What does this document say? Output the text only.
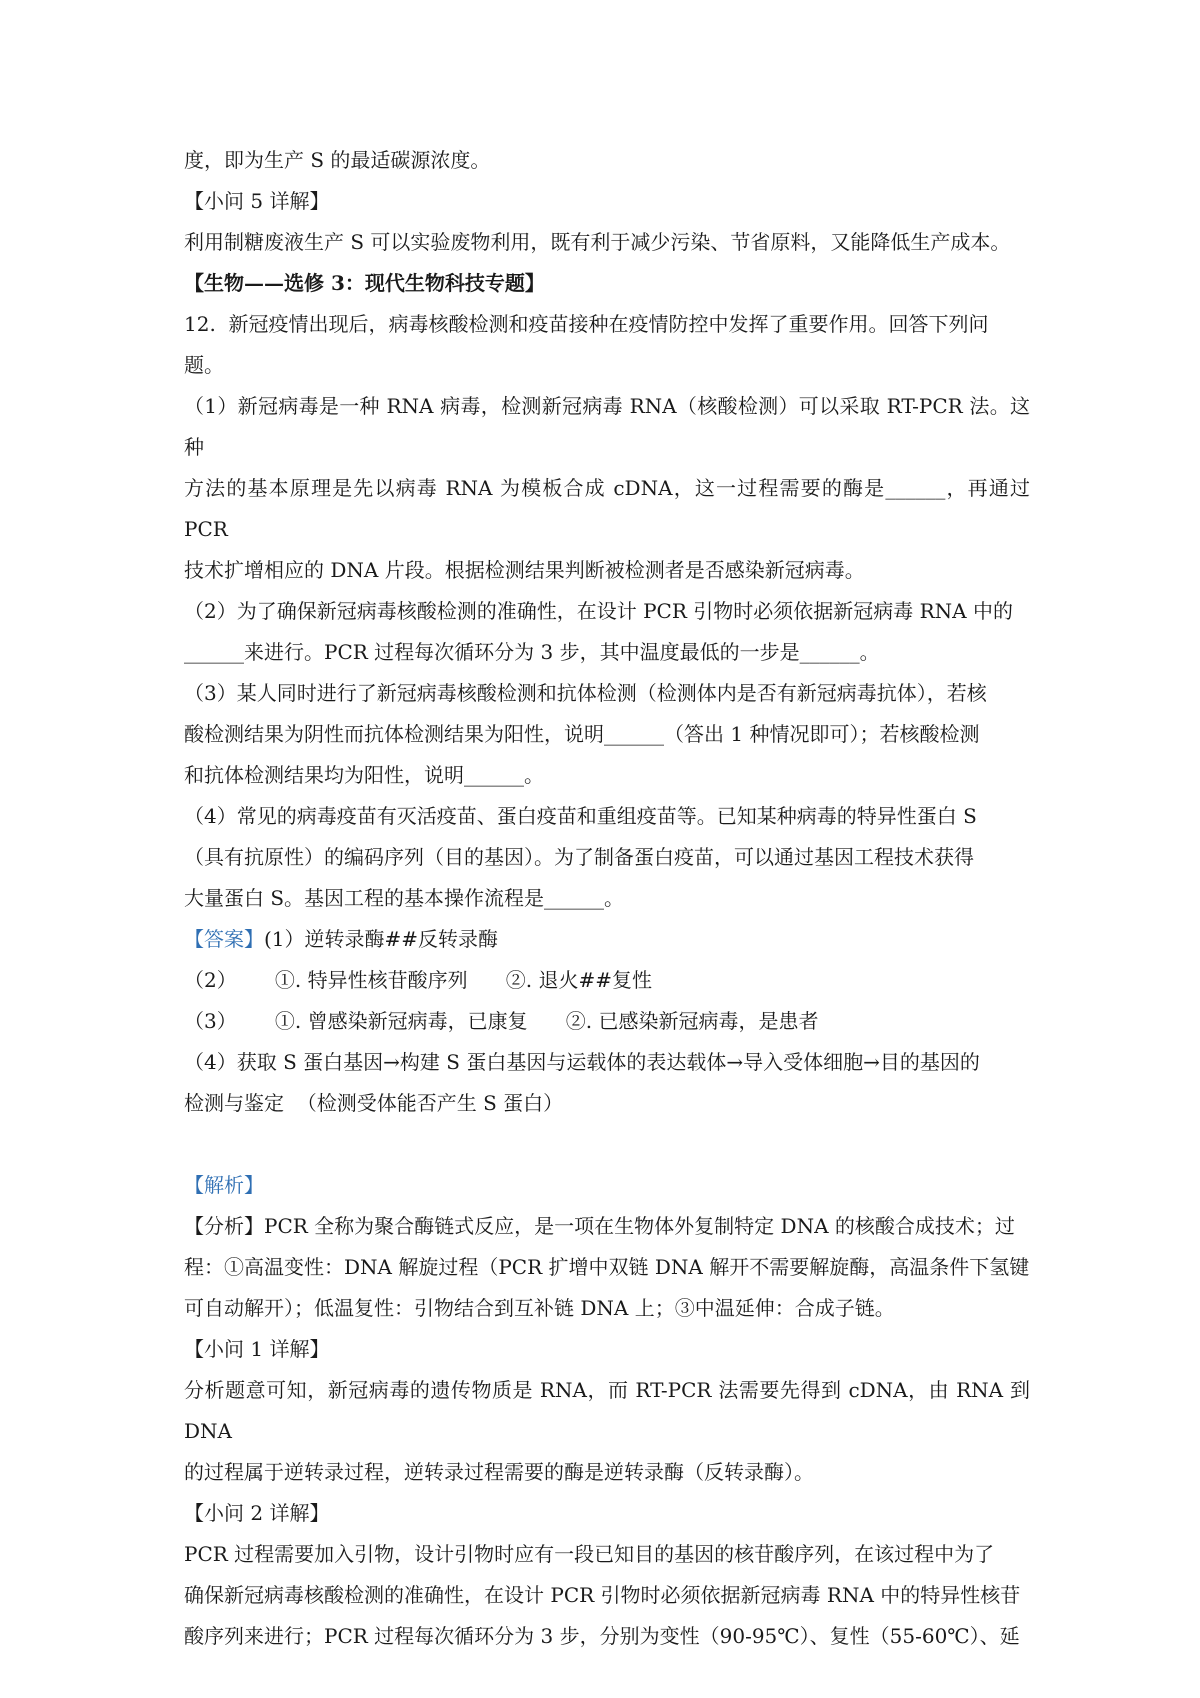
度，即为生产 S 的最适碳源浓度。

【小问 5 详解】

利用制糖废液生产 S 可以实验废物利用，既有利于减少污染、节省原料，又能降低生产成本。

【生物——选修 3：现代生物科技专题】

12.  新冠疫情出现后，病毒核酸检测和疫苗接种在疫情防控中发挥了重要作用。回答下列问

题。

（1）新冠病毒是一种 RNA 病毒，检测新冠病毒 RNA（核酸检测）可以采取 RT-PCR 法。这种

方法的基本原理是先以病毒 RNA 为模板合成 cDNA，这一过程需要的酶是______，再通过 PCR

技术扩增相应的 DNA 片段。根据检测结果判断被检测者是否感染新冠病毒。

（2）为了确保新冠病毒核酸检测的准确性，在设计 PCR 引物时必须依据新冠病毒 RNA 中的

______来进行。PCR 过程每次循环分为 3 步，其中温度最低的一步是______。

（3）某人同时进行了新冠病毒核酸检测和抗体检测（检测体内是否有新冠病毒抗体），若核

酸检测结果为阴性而抗体检测结果为阳性，说明______（答出 1 种情况即可）；若核酸检测

和抗体检测结果均为阳性，说明______。

（4）常见的病毒疫苗有灭活疫苗、蛋白疫苗和重组疫苗等。已知某种病毒的特异性蛋白 S

（具有抗原性）的编码序列（目的基因）。为了制备蛋白疫苗，可以通过基因工程技术获得

大量蛋白 S。基因工程的基本操作流程是______。

【答案】(1）逆转录酶##反转录酶

（2）      ①. 特异性核苷酸序列      ②. 退火##复性

（3）      ①. 曾感染新冠病毒，已康复      ②. 已感染新冠病毒，是患者

（4）获取 S 蛋白基因→构建 S 蛋白基因与运载体的表达载体→导入受体细胞→目的基因的

检测与鉴定  （检测受体能否产生 S 蛋白）

【解析】

【分析】PCR 全称为聚合酶链式反应，是一项在生物体外复制特定 DNA 的核酸合成技术；过

程：①高温变性：DNA 解旋过程（PCR 扩增中双链 DNA 解开不需要解旋酶，高温条件下氢键

可自动解开）；低温复性：引物结合到互补链 DNA 上；③中温延伸：合成子链。

【小问 1 详解】

分析题意可知，新冠病毒的遗传物质是 RNA，而 RT-PCR 法需要先得到 cDNA，由 RNA 到 DNA

的过程属于逆转录过程，逆转录过程需要的酶是逆转录酶（反转录酶）。

【小问 2 详解】

PCR 过程需要加入引物，设计引物时应有一段已知目的基因的核苷酸序列，在该过程中为了

确保新冠病毒核酸检测的准确性，在设计 PCR 引物时必须依据新冠病毒 RNA 中的特异性核苷

酸序列来进行；PCR 过程每次循环分为 3 步，分别为变性（90-95℃）、复性（55-60℃）、延
